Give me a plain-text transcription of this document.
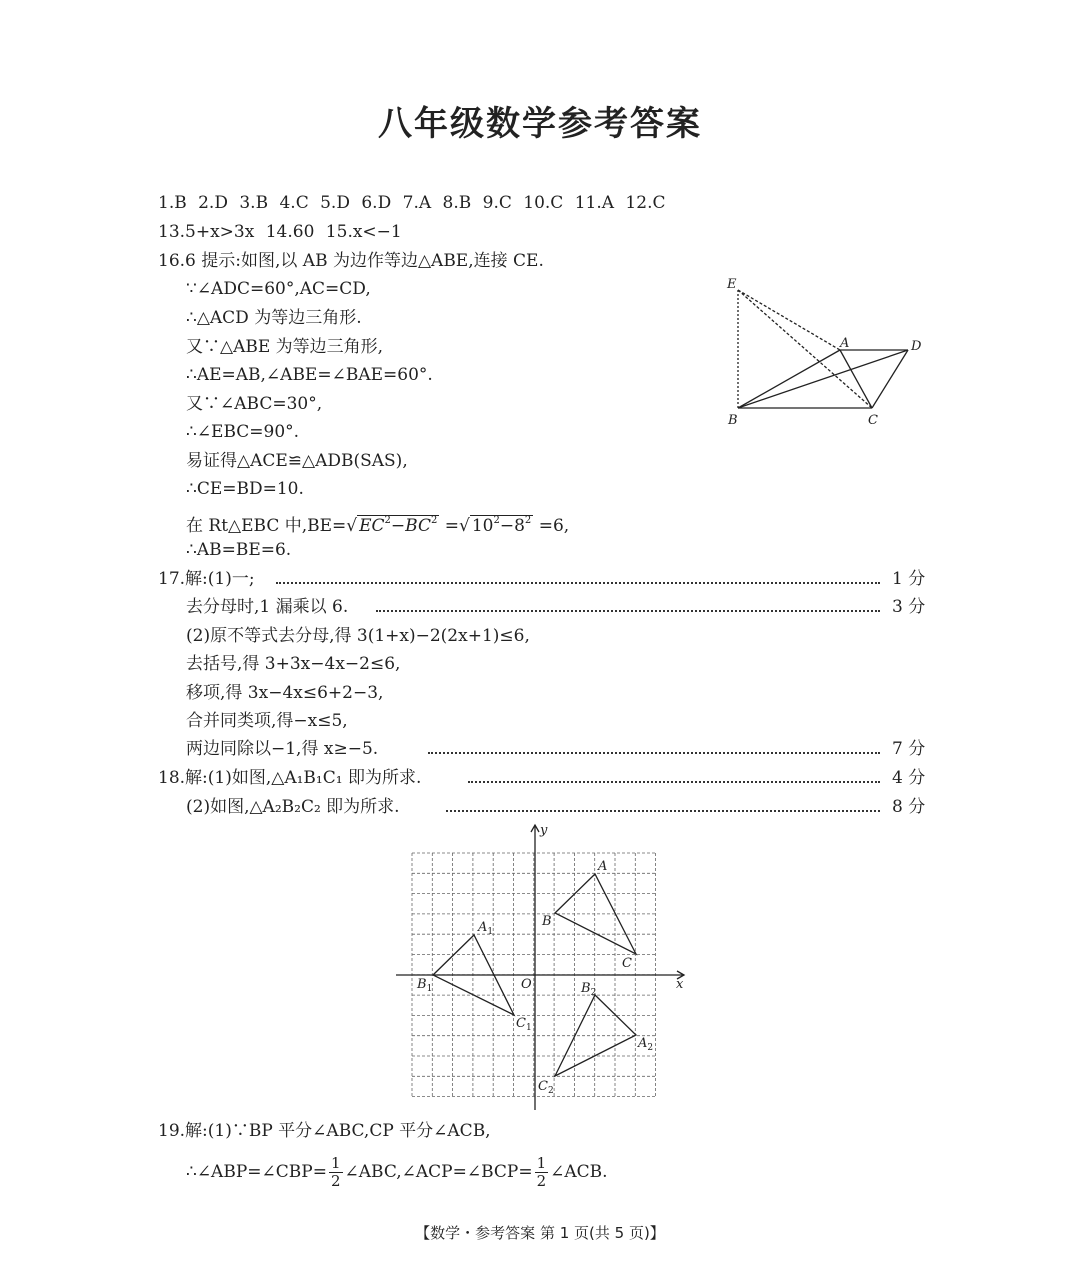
八年级数学参考答案
1.B 2.D 3.B 4.C 5.D 6.D 7.A 8.B 9.C 10.C 11.A 12.C
13.5+x>3x 14.60 15.x<−1
16.6 提示:如图,以 AB 为边作等边△ABE,连接 CE.
∵∠ADC=60°,AC=CD,
∴△ACD 为等边三角形.
又∵△ABE 为等边三角形,
∴AE=AB,∠ABE=∠BAE=60°.
又∵∠ABC=30°,
∴∠EBC=90°.
易证得△ACE≌△ADB(SAS),
∴CE=BD=10.
在 Rt△EBC 中,BE=√ $EC^2-BC^2$ =√ $10^2-8^2 =6$,
∴AB=BE=6.
E
A	D
B	C
17.解:(1)一;	1 分
去分母时,1 漏乘以 6.	3 分
(2)原不等式去分母,得 3(1+x)−2(2x+1)≤6,
去括号,得 3+3x−4x−2≤6,
移项,得 3x−4x≤6+2−3,
合并同类项,得−x≤5,
两边同除以−1,得 x≥−5.	7 分
18.解:(1)如图,△A₁B₁C₁ 即为所求.	4 分
(2)如图,△A₂B₂C₂ 即为所求.	8 分
y
x
O
A
B
C
$A_1$
$B_1$
$C_1$
$A_2$
$B_2$
$C_2$
19.解:(1)∵BP 平分∠ABC,CP 平分∠ACB,
∴∠ABP=∠CBP= $\frac{1}{2}$ ∠ABC,∠ACP=∠BCP= $\frac{1}{2}$ ∠ACB.
【数学・参考答案 第 1 页(共 5 页)】
